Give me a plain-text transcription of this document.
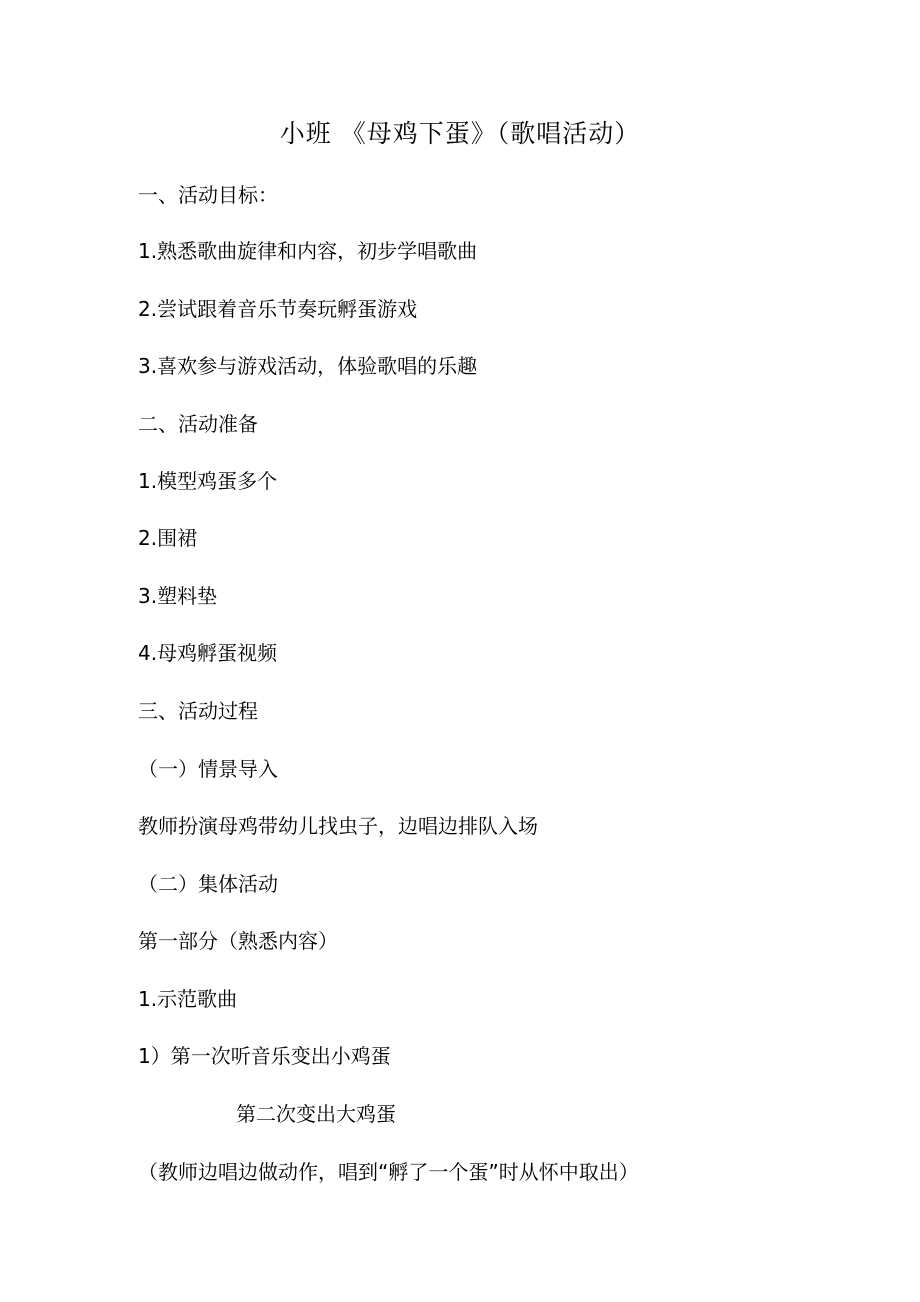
小班 《母鸡下蛋》（歌唱活动）
一、活动目标：
1.熟悉歌曲旋律和内容，初步学唱歌曲
2.尝试跟着音乐节奏玩孵蛋游戏
3.喜欢参与游戏活动，体验歌唱的乐趣
二、活动准备
1.模型鸡蛋多个
2.围裙
3.塑料垫
4.母鸡孵蛋视频
三、活动过程
（一）情景导入
教师扮演母鸡带幼儿找虫子，边唱边排队入场
（二）集体活动
第一部分（熟悉内容）
1.示范歌曲
1）第一次听音乐变出小鸡蛋
第二次变出大鸡蛋
（教师边唱边做动作，唱到“孵了一个蛋”时从怀中取出）
